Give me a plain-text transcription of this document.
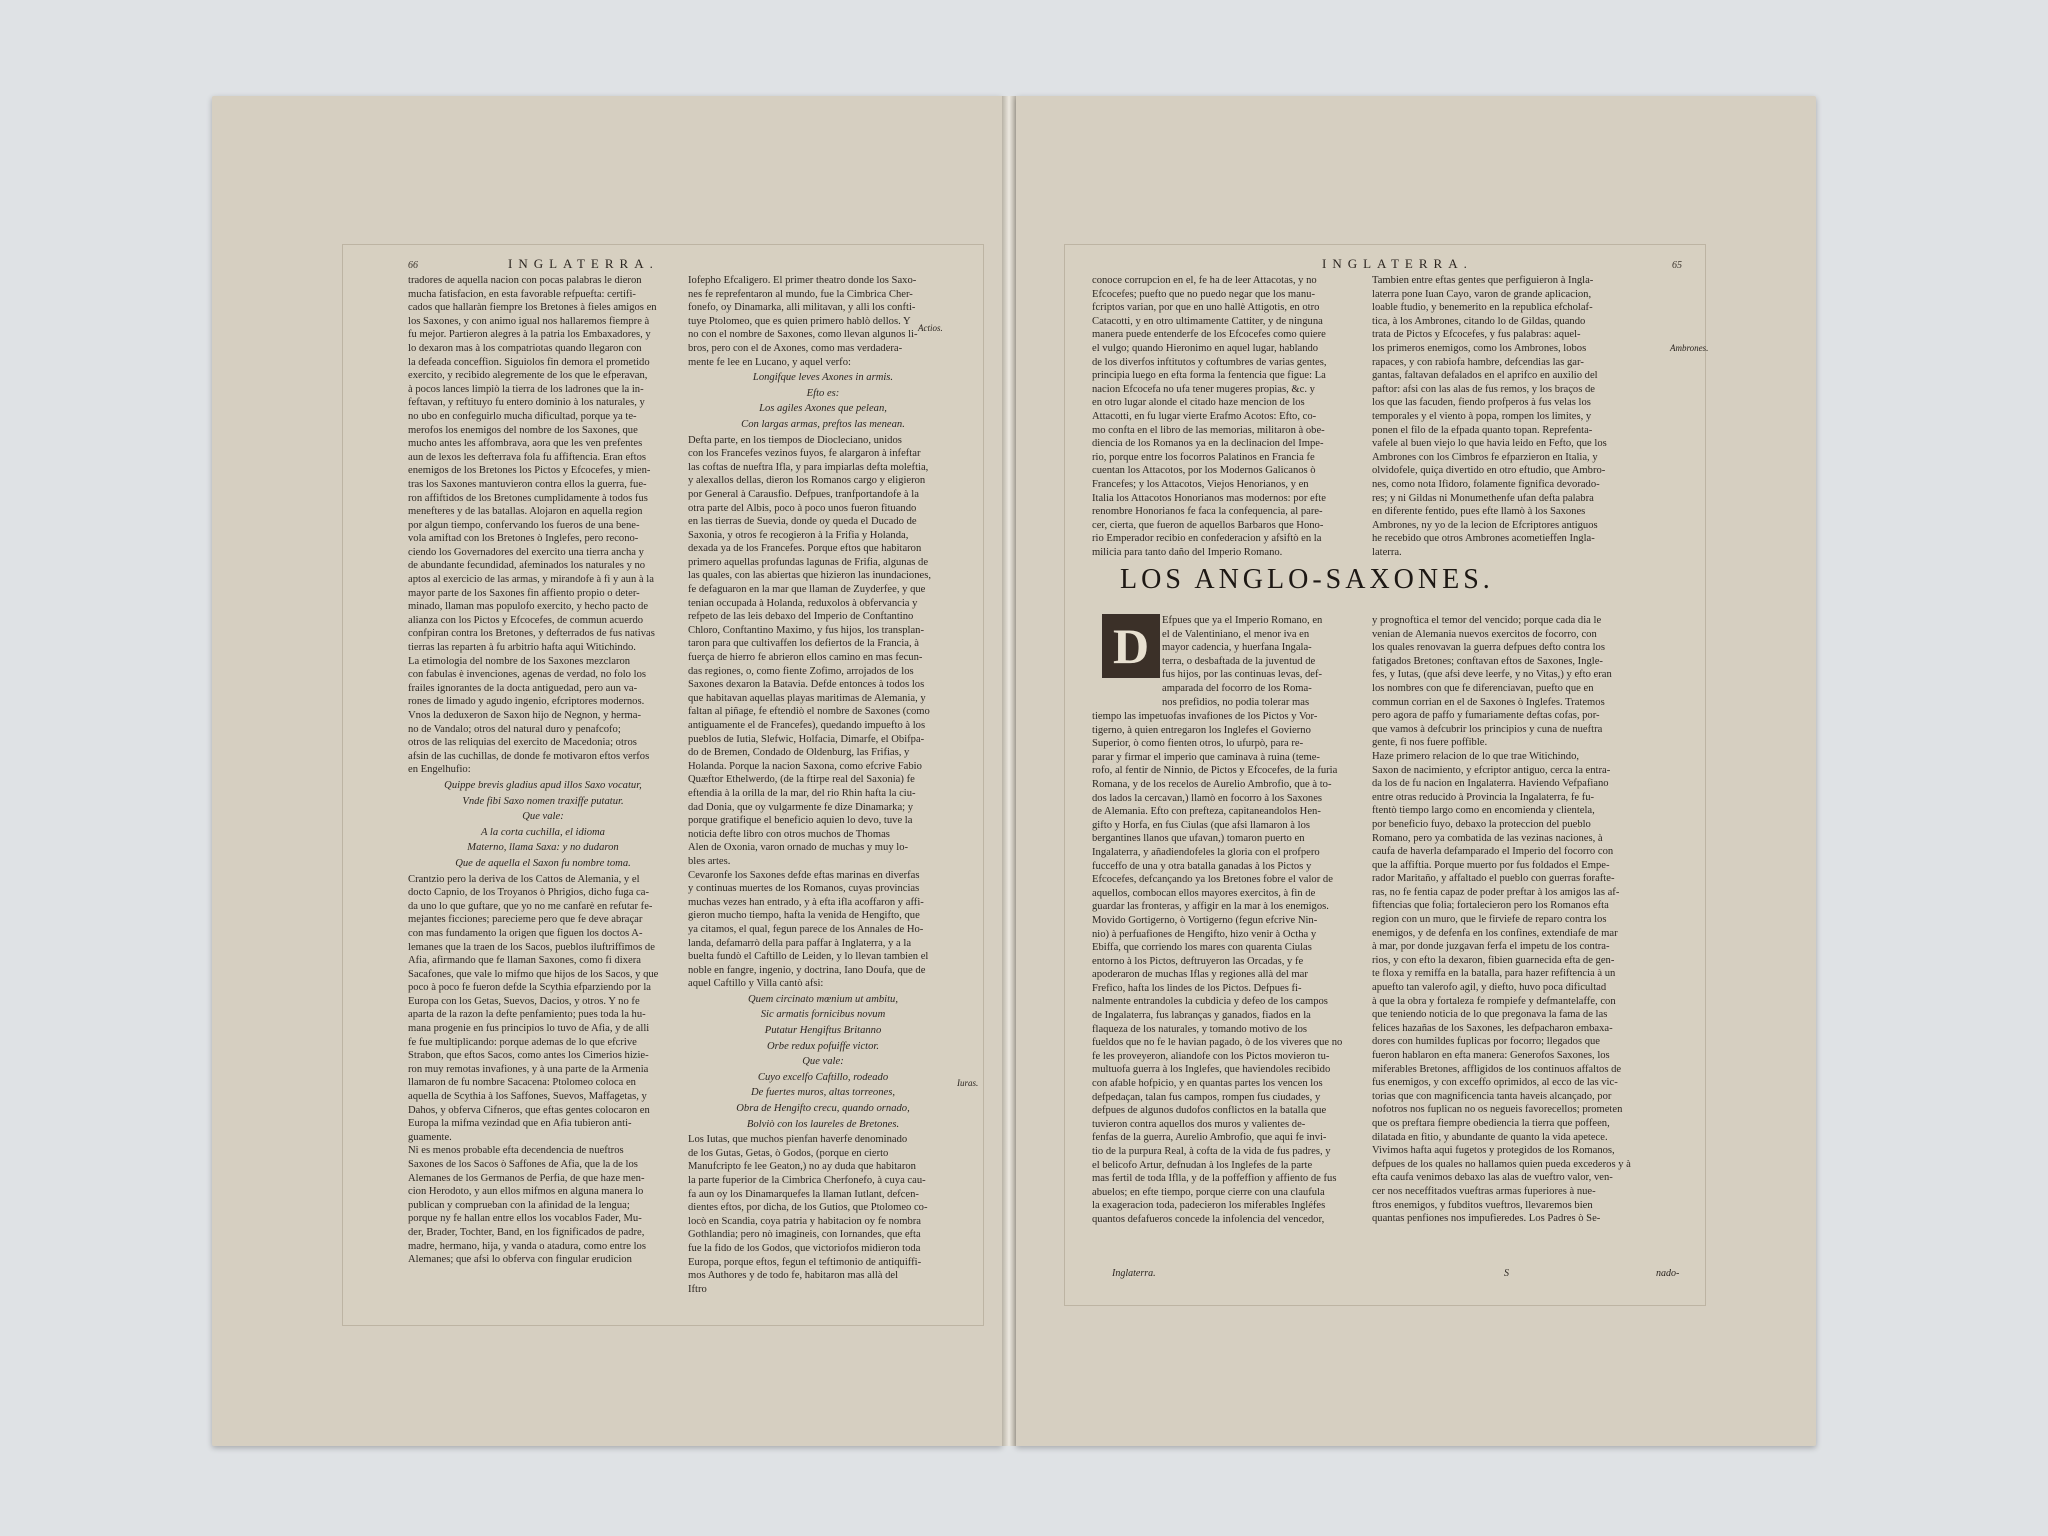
66	INGLATERRA.
Actios.
Iuras.
tradores de aquella nacion con pocas palabras le dieron
mucha fatisfacion, en esta favorable refpuefta: certifi-
cados que hallaràn fiempre los Bretones à fieles amigos en
los Saxones, y con animo igual nos hallaremos fiempre à
fu mejor. Partieron alegres à la patria los Embaxadores, y
lo dexaron mas à los compatriotas quando llegaron con
la defeada conceffion. Siguiolos fin demora el prometido
exercito, y recibido alegremente de los que le efperavan,
à pocos lances limpiò la tierra de los ladrones que la in-
feftavan, y reftituyo fu entero dominio à los naturales, y
no ubo en confeguirlo mucha dificultad, porque ya te-
merofos los enemigos del nombre de los Saxones, que
mucho antes les affombrava, aora que les ven prefentes
aun de lexos les defterrava fola fu affiftencia. Eran eftos
enemigos de los Bretones los Pictos y Efcocefes, y mien-
tras los Saxones mantuvieron contra ellos la guerra, fue-
ron affiftidos de los Bretones cumplidamente à todos fus
menefteres y de las batallas. Alojaron en aquella region
por algun tiempo, confervando los fueros de una bene-
vola amiftad con los Bretones ò Inglefes, pero recono-
ciendo los Governadores del exercito una tierra ancha y
de abundante fecundidad, afeminados los naturales y no
aptos al exercicio de las armas, y mirandofe à fi y aun à la
mayor parte de los Saxones fin affiento propio o deter-
minado, llaman mas populofo exercito, y hecho pacto de
alianza con los Pictos y Efcocefes, de commun acuerdo
confpiran contra los Bretones, y defterrados de fus nativas
tierras las reparten à fu arbitrio hafta aqui Witichindo.
La etimologia del nombre de los Saxones mezclaron
con fabulas è invenciones, agenas de verdad, no folo los
frailes ignorantes de la docta antiguedad, pero aun va-
rones de limado y agudo ingenio, efcriptores modernos.
Vnos la deduxeron de Saxon hijo de Negnon, y herma-
no de Vandalo; otros del natural duro y penafcofo;
otros de las reliquias del exercito de Macedonia; otros
afsin de las cuchillas, de donde fe motivaron eftos verfos
en Engelhufio:
Quippe brevis gladius apud illos Saxo vocatur,
Vnde fibi Saxo nomen traxiffe putatur.
Que vale:
A la corta cuchilla, el idioma
Materno, llama Saxa: y no dudaron
Que de aquella el Saxon fu nombre toma.
Crantzio pero la deriva de los Cattos de Alemania, y el
docto Capnio, de los Troyanos ò Phrigios, dicho fuga ca-
da uno lo que guftare, que yo no me canfarè en refutar fe-
mejantes ficciones; parecieme pero que fe deve abraçar
con mas fundamento la origen que figuen los doctos A-
lemanes que la traen de los Sacos, pueblos iluftriffimos de
Afia, afirmando que fe llaman Saxones, como fi dixera
Sacafones, que vale lo mifmo que hijos de los Sacos, y que
poco à poco fe fueron defde la Scythia efparziendo por la
Europa con los Getas, Suevos, Dacios, y otros. Y no fe
aparta de la razon la defte penfamiento; pues toda la hu-
mana progenie en fus principios lo tuvo de Afia, y de alli
fe fue multiplicando: porque ademas de lo que efcrive
Strabon, que eftos Sacos, como antes los Cimerios hizie-
ron muy remotas invafiones, y à una parte de la Armenia
llamaron de fu nombre Sacacena: Ptolomeo coloca en
aquella de Scythia à los Saffones, Suevos, Maffagetas, y
Dahos, y obferva Cifneros, que eftas gentes colocaron en
Europa la mifma vezindad que en Afia tubieron anti-
guamente.
Ni es menos probable efta decendencia de nueftros
Saxones de los Sacos ò Saffones de Afia, que la de los
Alemanes de los Germanos de Perfia, de que haze men-
cion Herodoto, y aun ellos mifmos en alguna manera lo
publican y comprueban con la afinidad de la lengua;
porque ny fe hallan entre ellos los vocablos Fader, Mu-
der, Brader, Tochter, Band, en los fignificados de padre,
madre, hermano, hija, y vanda o atadura, como entre los
Alemanes; que afsi lo obferva con fingular erudicion
Iofepho Efcaligero. El primer theatro donde los Saxo-
nes fe reprefentaron al mundo, fue la Cimbrica Cher-
fonefo, oy Dinamarka, alli militavan, y alli los confti-
tuye Ptolomeo, que es quien primero hablò dellos. Y
no con el nombre de Saxones, como llevan algunos li-
bros, pero con el de Axones, como mas verdadera-
mente fe lee en Lucano, y aquel verfo:
Longifque leves Axones in armis.
Efto es:
Los agiles Axones que pelean,
Con largas armas, preftos las menean.
Defta parte, en los tiempos de Diocleciano, unidos
con los Francefes vezinos fuyos, fe alargaron à infeftar
las coftas de nueftra Ifla, y para impiarlas defta moleftia,
y alexallos dellas, dieron los Romanos cargo y eligieron
por General à Carausfio. Defpues, tranfportandofe à la
otra parte del Albis, poco à poco unos fueron fituando
en las tierras de Suevia, donde oy queda el Ducado de
Saxonia, y otros fe recogieron à la Frifia y Holanda,
dexada ya de los Francefes. Porque eftos que habitaron
primero aquellas profundas lagunas de Frifia, algunas de
las quales, con las abiertas que hizieron las inundaciones,
fe defaguaron en la mar que llaman de Zuyderfee, y que
tenian occupada à Holanda, reduxolos à obfervancia y
refpeto de las leis debaxo del Imperio de Conftantino
Chloro, Conftantino Maximo, y fus hijos, los transplan-
taron para que cultivaffen los defiertos de la Francia, à
fuerça de hierro fe abrieron ellos camino en mas fecun-
das regiones, o, como fiente Zofimo, arrojados de los
Saxones dexaron la Batavia. Defde entonces à todos los
que habitavan aquellas playas maritimas de Alemania, y
faltan al piñage, fe eftendiò el nombre de Saxones (como
antiguamente el de Francefes), quedando impuefto à los
pueblos de Iutia, Slefwic, Holfacia, Dimarfe, el Obifpa-
do de Bremen, Condado de Oldenburg, las Frifias, y
Holanda. Porque la nacion Saxona, como efcrive Fabio
Quæftor Ethelwerdo, (de la ftirpe real del Saxonia) fe
eftendia à la orilla de la mar, del rio Rhin hafta la ciu-
dad Donia, que oy vulgarmente fe dize Dinamarka; y
porque gratifique el beneficio aquien lo devo, tuve la
noticia defte libro con otros muchos de Thomas
Alen de Oxonia, varon ornado de muchas y muy lo-
bles artes.
Cevaronfe los Saxones defde eftas marinas en diverfas
y continuas muertes de los Romanos, cuyas provincias
muchas vezes han entrado, y à efta ifla acoffaron y affi-
gieron mucho tiempo, hafta la venida de Hengifto, que
ya citamos, el qual, fegun parece de los Annales de Ho-
landa, defamarrò della para paffar à Inglaterra, y a la
buelta fundò el Caftillo de Leiden, y lo llevan tambien el
noble en fangre, ingenio, y doctrina, Iano Doufa, que de
aquel Caftillo y Villa cantò afsi:
Quem circinato mœnium ut ambitu,
Sic armatis fornicibus novum
Putatur Hengiftus Britanno
Orbe redux pofuiffe victor.
Que vale:
Cuyo excelfo Caftillo, rodeado
De fuertes muros, altas torreones,
Obra de Hengifto crecu, quando ornado,
Bolviò con los laureles de Bretones.
Los Iutas, que muchos pienfan haverfe denominado
de los Gutas, Getas, ò Godos, (porque en cierto
Manufcripto fe lee Geaton,) no ay duda que habitaron
la parte fuperior de la Cimbrica Cherfonefo, à cuya cau-
fa aun oy los Dinamarquefes la llaman Iutlant, defcen-
dientes eftos, por dicha, de los Gutios, que Ptolomeo co-
locò en Scandia, coya patria y habitacion oy fe nombra
Gothlandia; pero nò imagineis, con Iornandes, que efta
fue la fido de los Godos, que victoriofos midieron toda
Europa, porque eftos, fegun el teftimonio de antiquiffi-
mos Authores y de todo fe, habitaron mas allà del
Iftro
INGLATERRA.	65
Ambrones.
conoce corrupcion en el, fe ha de leer Attacotas, y no
Efcocefes; puefto que no puedo negar que los manu-
fcriptos varian, por que en uno hallè Attigotis, en otro
Catacotti, y en otro ultimamente Cattiter, y de ninguna
manera puede entenderfe de los Efcocefes como quiere
el vulgo; quando Hieronimo en aquel lugar, hablando
de los diverfos inftitutos y coftumbres de varias gentes,
principia luego en efta forma la fentencia que figue: La
nacion Efcocefa no ufa tener mugeres propias, &c. y
en otro lugar alonde el citado haze mencion de los
Attacotti, en fu lugar vierte Erafmo Acotos: Efto, co-
mo confta en el libro de las memorias, militaron à obe-
diencia de los Romanos ya en la declinacion del Impe-
rio, porque entre los focorros Palatinos en Francia fe
cuentan los Attacotos, por los Modernos Galicanos ò
Francefes; y los Attacotos, Viejos Henorianos, y en
Italia los Attacotos Honorianos mas modernos: por efte
renombre Honorianos fe faca la confequencia, al pare-
cer, cierta, que fueron de aquellos Barbaros que Hono-
rio Emperador recibio en confederacion y afsiftò en la
milicia para tanto daño del Imperio Romano.
Tambien entre eftas gentes que perfiguieron à Ingla-
laterra pone Iuan Cayo, varon de grande aplicacion,
loable ftudio, y benemerito en la republica efcholaf-
tica, à los Ambrones, citando lo de Gildas, quando
trata de Pictos y Efcocefes, y fus palabras: aquel-
los primeros enemigos, como los Ambrones, lobos
rapaces, y con rabiofa hambre, defcendias las gar-
gantas, faltavan defalados en el aprifco en auxilio del
paftor: afsi con las alas de fus remos, y los braços de
los que las facuden, fiendo profperos à fus velas los
temporales y el viento à popa, rompen los limites, y
ponen el filo de la efpada quanto topan. Reprefenta-
vafele al buen viejo lo que havia leido en Fefto, que los
Ambrones con los Cimbros fe efparzieron en Italia, y
olvidofele, quiça divertido en otro eftudio, que Ambro-
nes, como nota Ifidoro, folamente fignifica devorado-
res; y ni Gildas ni Monumethenfe ufan defta palabra
en diferente fentido, pues efte llamò à los Saxones
Ambrones, ny yo de la lecion de Efcriptores antiguos
he recebido que otros Ambrones acometieffen Ingla-
laterra.
LOS ANGLO-SAXONES.
D	Efpues que ya el Imperio Romano, en
el de Valentiniano, el menor iva en
mayor cadencia, y huerfana Ingala-
terra, o desbaftada de la juventud de
fus hijos, por las continuas levas, def-
amparada del focorro de los Roma-
nos prefidios, no podia tolerar mas
tiempo las impetuofas invafiones de los Pictos y Vor-
tigerno, à quien entregaron los Inglefes el Govierno
Superior, ò como fienten otros, lo ufurpò, para re-
parar y firmar el imperio que caminava à ruina (teme-
rofo, al fentir de Ninnio, de Pictos y Efcocefes, de la furia
Romana, y de los recelos de Aurelio Ambrofio, que à to-
dos lados la cercavan,) llamò en focorro à los Saxones
de Alemania. Efto con prefteza, capitaneandolos Hen-
gifto y Horfa, en fus Ciulas (que afsi llamaron à los
bergantines llanos que ufavan,) tomaron puerto en
Ingalaterra, y añadiendofeles la gloria con el profpero
fucceffo de una y otra batalla ganadas à los Pictos y
Efcocefes, defcançando ya los Bretones fobre el valor de
aquellos, combocan ellos mayores exercitos, à fin de
guardar las fronteras, y affigir en la mar à los enemigos.
Movido Gortigerno, ò Vortigerno (fegun efcrive Nin-
nio) à perfuafiones de Hengifto, hizo venir à Octha y
Ebiffa, que corriendo los mares con quarenta Ciulas
entorno à los Pictos, deftruyeron las Orcadas, y fe
apoderaron de muchas Iflas y regiones allà del mar
Frefico, hafta los lindes de los Pictos. Defpues fi-
nalmente entrandoles la cubdicia y defeo de los campos
de Ingalaterra, fus labranças y ganados, fiados en la
flaqueza de los naturales, y tomando motivo de los
fueldos que no fe le havian pagado, ò de los viveres que no
fe les proveyeron, aliandofe con los Pictos movieron tu-
multuofa guerra à los Inglefes, que haviendoles recibido
con afable hofpicio, y en quantas partes los vencen los
defpedaçan, talan fus campos, rompen fus ciudades, y
defpues de algunos dudofos conflictos en la batalla que
tuvieron contra aquellos dos muros y valientes de-
fenfas de la guerra, Aurelio Ambrofio, que aqui fe invi-
tio de la purpura Real, à cofta de la vida de fus padres, y
el belicofo Artur, defnudan à los Inglefes de la parte
mas fertil de toda Iflla, y de la poffeffion y affiento de fus
abuelos; en efte tiempo, porque cierre con una claufula
la exageracion toda, padecieron los miferables Ingléfes
quantos defafueros concede la infolencia del vencedor,
y prognoftica el temor del vencido; porque cada dia le
venian de Alemania nuevos exercitos de focorro, con
los quales renovavan la guerra defpues defto contra los
fatigados Bretones; conftavan eftos de Saxones, Ingle-
fes, y Iutas, (que afsi deve leerfe, y no Vitas,) y efto eran
los nombres con que fe diferenciavan, puefto que en
commun corrian en el de Saxones ò Inglefes. Tratemos
pero agora de paffo y fumariamente deftas cofas, por-
que vamos à defcubrir los principios y cuna de nueftra
gente, fi nos fuere poffible.
Haze primero relacion de lo que trae Witichindo,
Saxon de nacimiento, y efcriptor antiguo, cerca la entra-
da los de fu nacion en Ingalaterra. Haviendo Vefpafiano
entre otras reducido à Provincia la Ingalaterra, fe fu-
ftentò tiempo largo como en encomienda y clientela,
por beneficio fuyo, debaxo la proteccion del pueblo
Romano, pero ya combatida de las vezinas naciones, à
caufa de haverla defamparado el Imperio del focorro con
que la affiftia. Porque muerto por fus foldados el Empe-
rador Maritaño, y affaltado el pueblo con guerras forafte-
ras, no fe fentia capaz de poder preftar à los amigos las af-
fiftencias que folia; fortalecieron pero los Romanos efta
region con un muro, que le firviefe de reparo contra los
enemigos, y de defenfa en los confines, extendiafe de mar
à mar, por donde juzgavan ferfa el impetu de los contra-
rios, y con efto la dexaron, fibien guarnecida efta de gen-
te floxa y remiffa en la batalla, para hazer refiftencia à un
apuefto tan valerofo agil, y diefto, huvo poca dificultad
à que la obra y fortaleza fe rompiefe y defmantelaffe, con
que teniendo noticia de lo que pregonava la fama de las
felices hazañas de los Saxones, les defpacharon embaxa-
dores con humildes fuplicas por focorro; llegados que
fueron hablaron en efta manera: Generofos Saxones, los
miferables Bretones, affligidos de los continuos affaltos de
fus enemigos, y con exceffo oprimidos, al ecco de las vic-
torias que con magnificencia tanta haveis alcançado, por
nofotros nos fuplican no os negueis favorecellos; prometen
que os preftara fiempre obediencia la tierra que poffeen,
dilatada en fitio, y abundante de quanto la vida apetece.
Vivimos hafta aqui fugetos y protegidos de los Romanos,
defpues de los quales no hallamos quien pueda excederos y à
efta caufa venimos debaxo las alas de vueftro valor, ven-
cer nos neceffitados vueftras armas fuperiores à nue-
ftros enemigos, y fubditos vueftros, llevaremos bien
quantas penfiones nos impufieredes. Los Padres ò Se-
Inglaterra.	S	nado-
